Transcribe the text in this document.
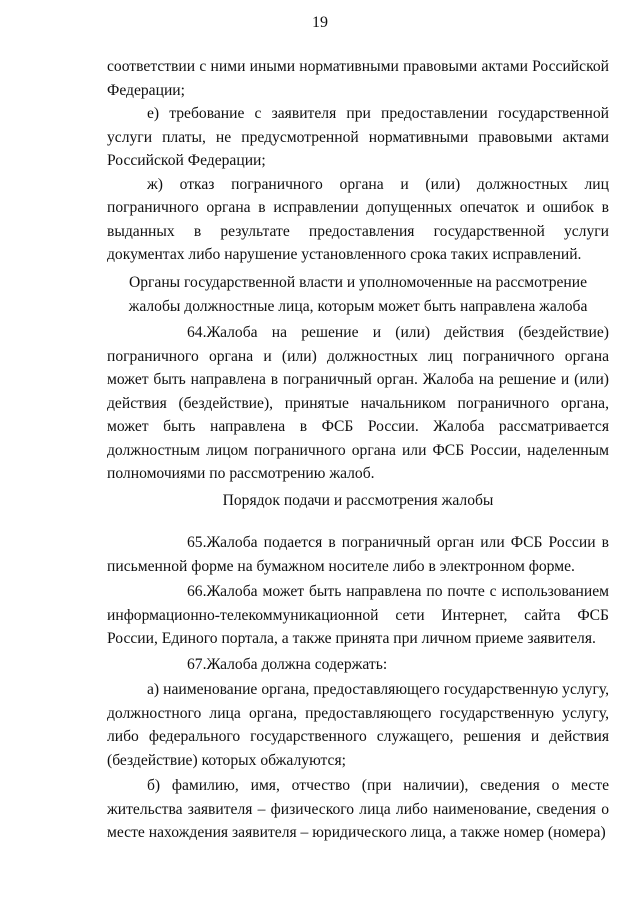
19

соответствии с ними иными нормативными правовыми актами Российской Федерации;

е) требование с заявителя при предоставлении государственной услуги платы, не предусмотренной нормативными правовыми актами Российской Федерации;

ж) отказ пограничного органа и (или) должностных лиц пограничного органа в исправлении допущенных опечаток и ошибок в выданных в результате предоставления государственной услуги документах либо нарушение установленного срока таких исправлений.

Органы государственной власти и уполномоченные на рассмотрение жалобы должностные лица, которым может быть направлена жалоба

64.Жалоба на решение и (или) действия (бездействие) пограничного органа и (или) должностных лиц пограничного органа может быть направлена в пограничный орган. Жалоба на решение и (или) действия (бездействие), принятые начальником пограничного органа, может быть направлена в ФСБ России. Жалоба рассматривается должностным лицом пограничного органа или ФСБ России, наделенным полномочиями по рассмотрению жалоб.

Порядок подачи и рассмотрения жалобы

65.Жалоба подается в пограничный орган или ФСБ России в письменной форме на бумажном носителе либо в электронном форме.

66.Жалоба может быть направлена по почте с использованием информационно-телекоммуникационной сети Интернет, сайта ФСБ России, Единого портала, а также принята при личном приеме заявителя.

67.Жалоба должна содержать:

а) наименование органа, предоставляющего государственную услугу, должностного лица органа, предоставляющего государственную услугу, либо федерального государственного служащего, решения и действия (бездействие) которых обжалуются;

б) фамилию, имя, отчество (при наличии), сведения о месте жительства заявителя – физического лица либо наименование, сведения о месте нахождения заявителя – юридического лица, а также номер (номера)
